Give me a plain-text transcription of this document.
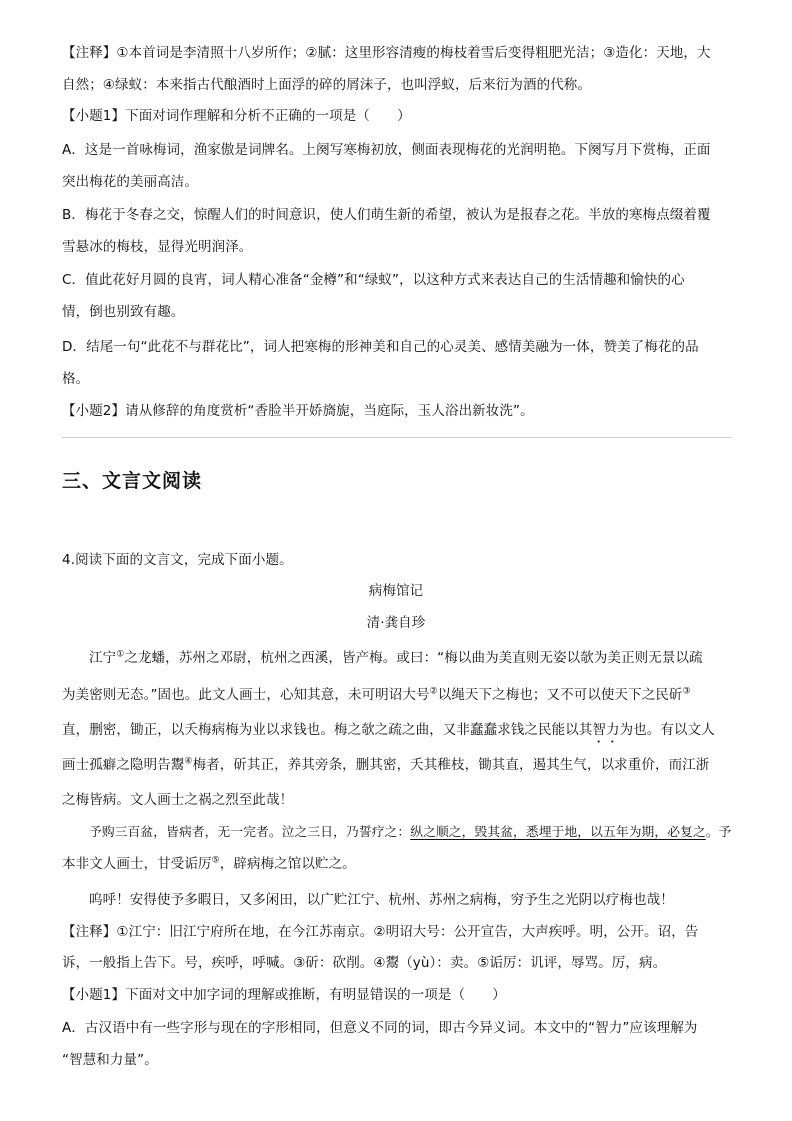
【注释】①本首词是李清照十八岁所作；②腻：这里形容清瘦的梅枝着雪后变得粗肥光洁；③造化：天地，大
自然；④绿蚁：本来指古代酿酒时上面浮的碎的屑沫子，也叫浮蚁，后来衍为酒的代称。
【小题1】下面对词作理解和分析不正确的一项是（　　）
A．这是一首咏梅词，渔家傲是词牌名。上阕写寒梅初放，侧面表现梅花的光润明艳。下阕写月下赏梅，正面
突出梅花的美丽高洁。
B．梅花于冬春之交，惊醒人们的时间意识，使人们萌生新的希望，被认为是报春之花。半放的寒梅点缀着覆
雪悬冰的梅枝，显得光明润泽。
C．值此花好月圆的良宵，词人精心准备“金樽”和“绿蚁”，以这种方式来表达自己的生活情趣和愉快的心
情，倒也别致有趣。
D．结尾一句“此花不与群花比”，词人把寒梅的形神美和自己的心灵美、感情美融为一体，赞美了梅花的品
格。
【小题2】请从修辞的角度赏析“香脸半开娇旖旎，当庭际，玉人浴出新妆洗”。
三、文言文阅读
4.阅读下面的文言文，完成下面小题。
病梅馆记
清·龚自珍
江宁①之龙蟠，苏州之邓尉，杭州之西溪，皆产梅。或曰：“梅以曲为美直则无姿以欹为美正则无景以疏
为美密则无态。”固也。此文人画士，心知其意，未可明诏大号②以绳天下之梅也；又不可以使天下之民斫③
直，删密，锄正，以夭梅病梅为业以求钱也。梅之欹之疏之曲，又非蠢蠢求钱之民能以其智力为也。有以文人
画士孤癖之隐明告鬻④梅者，斫其正，养其旁条，删其密，夭其稚枝，锄其直，遏其生气，以求重价，而江浙
之梅皆病。文人画士之祸之烈至此哉！
予购三百盆，皆病者，无一完者。泣之三日，乃誓疗之：纵之顺之，毁其盆，悉埋于地，以五年为期，必复之。予
本非文人画士，甘受诟厉⑤，辟病梅之馆以贮之。
呜呼！安得使予多暇日，又多闲田，以广贮江宁、杭州、苏州之病梅，穷予生之光阴以疗梅也哉！
【注释】①江宁：旧江宁府所在地，在今江苏南京。②明诏大号：公开宣告，大声疾呼。明，公开。诏，告
诉，一般指上告下。号，疾呼，呼喊。③斫：砍削。④鬻（yù）：卖。⑤诟厉：讥评，辱骂。厉，病。
【小题1】下面对文中加字词的理解或推断，有明显错误的一项是（　　）
A．古汉语中有一些字形与现在的字形相同，但意义不同的词，即古今异义词。本文中的“智力”应该理解为
“智慧和力量”。
